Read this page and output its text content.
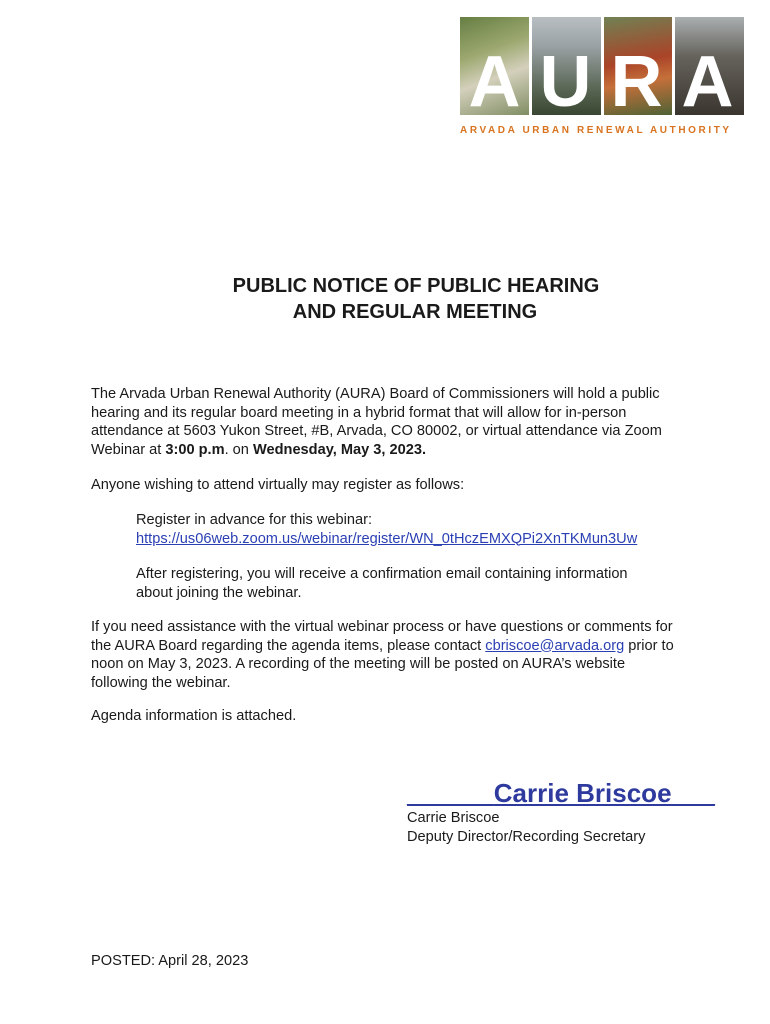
A U R A
ARVADA URBAN RENEWAL AUTHORITY
PUBLIC NOTICE OF PUBLIC HEARING
AND REGULAR MEETING
The Arvada Urban Renewal Authority (AURA) Board of Commissioners will hold a public hearing and its regular board meeting in a hybrid format that will allow for in-person attendance at 5603 Yukon Street, #B, Arvada, CO 80002, or virtual attendance via Zoom Webinar at 3:00 p.m. on Wednesday, May 3, 2023.
Anyone wishing to attend virtually may register as follows:
Register in advance for this webinar:
https://us06web.zoom.us/webinar/register/WN_0tHczEMXQPi2XnTKMun3Uw
After registering, you will receive a confirmation email containing information about joining the webinar.
If you need assistance with the virtual webinar process or have questions or comments for the AURA Board regarding the agenda items, please contact cbriscoe@arvada.org prior to noon on May 3, 2023. A recording of the meeting will be posted on AURA’s website following the webinar.
Agenda information is attached.
______Carrie Briscoe___
Carrie Briscoe
Deputy Director/Recording Secretary
POSTED: April 28, 2023
